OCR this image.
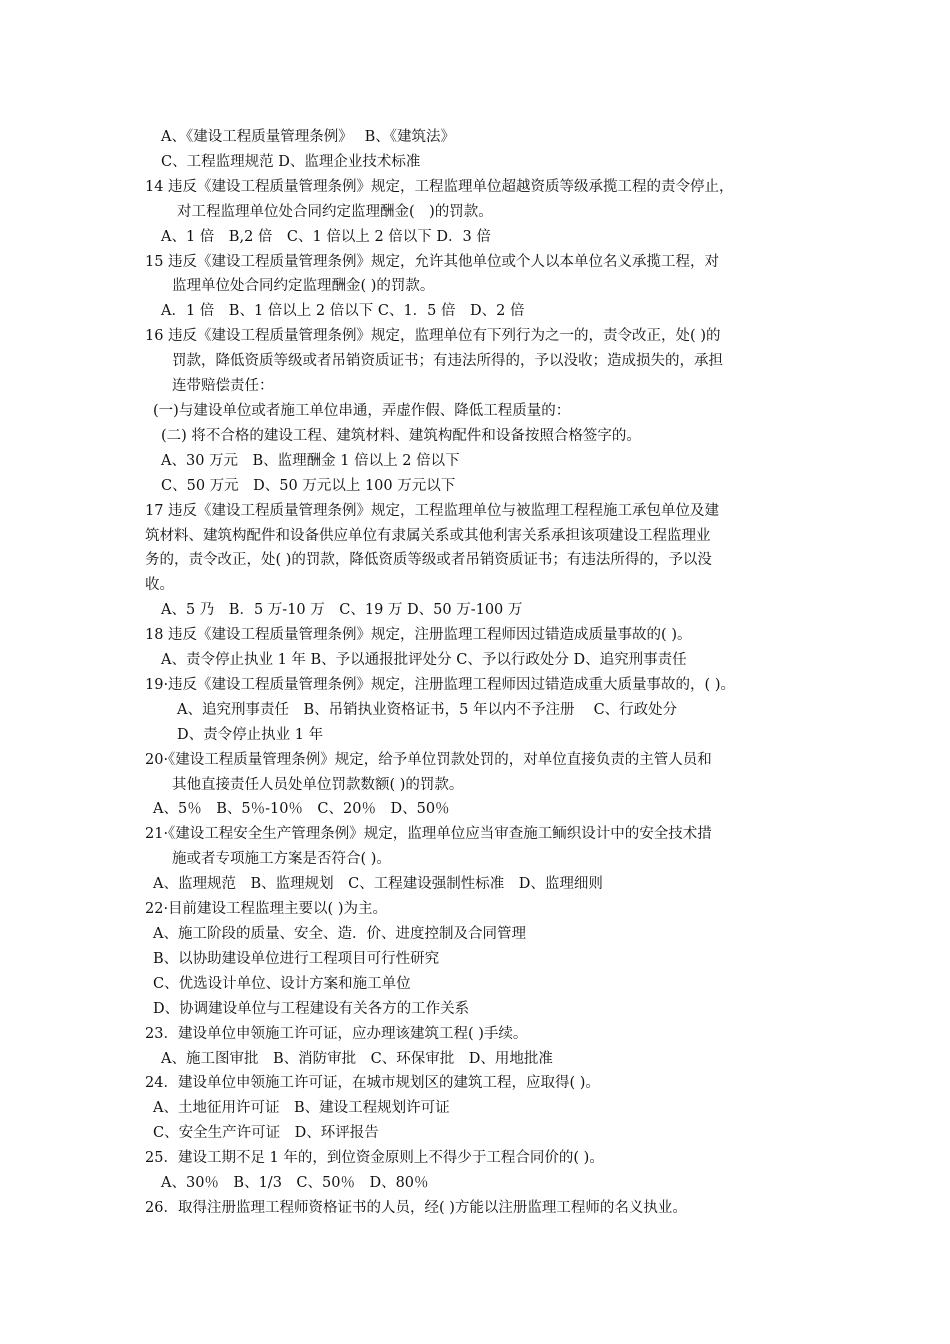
A、《建设工程质量管理条例》　 B、《建筑法》
C、工程监理规范 D、监理企业技术标准
14 违反《建设工程质量管理条例》规定，工程监理单位超越资质等级承揽工程的责令停止，
对工程监理单位处合同约定监理酬金(　)的罚款。
A、1 倍　B,2 倍　C、1 倍以上 2 倍以下 D．3 倍
15 违反《建设工程质量管理条例》规定，允许其他单位或个人以本单位名义承揽工程，对
监理单位处合同约定监理酬金( )的罚款。
A．1 倍　B、1 倍以上 2 倍以下 C、1．5 倍　D、2 倍
16 违反《建设工程质量管理条例》规定，监理单位有下列行为之一的，责令改正，处( )的
罚款，降低资质等级或者吊销资质证书；有违法所得的，予以没收；造成损失的，承担
连带赔偿责任：
(一)与建设单位或者施工单位串通，弄虚作假、降低工程质量的：
(二) 将不合格的建设工程、建筑材料、建筑构配件和设备按照合格签字的。
A、30 万元　B、监理酬金 1 倍以上 2 倍以下
C、50 万元　D、50 万元以上 100 万元以下
17 违反《建设工程质量管理条例》规定，工程监理单位与被监理工程程施工承包单位及建
筑材料、建筑构配件和设备供应单位有隶属关系或其他利害关系承担该项建设工程监理业
务的，责令改正，处( )的罚款，降低资质等级或者吊销资质证书；有违法所得的，予以没
收。
A、5 乃　B．5 万-10 万　C、19 万 D、50 万-100 万
18 违反《建设工程质量管理条例》规定，注册监理工程师因过错造成质量事故的( )。
A、责令停止执业 1 年 B、予以通报批评处分 C、予以行政处分 D、追究刑事责任
19·违反《建设工程质量管理条例》规定，注册监理工程师因过错造成重大质量事故的，( )。
A、追究刑事责任　B、吊销执业资格证书，5 年以内不予注册　 C、行政处分
D、责令停止执业 1 年
20·《建设工程质量管理条例》规定，给予单位罚款处罚的，对单位直接负责的主管人员和
其他直接责任人员处单位罚款数额( )的罚款。
A、5％　B、5％-10％　C、20％　D、50％
21·《建设工程安全生产管理条例》规定，监理单位应当审查施工鲕织设计中的安全技术措
施或者专项施工方案是否符合( )。
A、监理规范　B、监理规划　C、工程建设强制性标准　D、监理细则
22·目前建设工程监理主要以( )为主。
A、施工阶段的质量、安全、造．价、进度控制及合同管理
B、以协助建设单位进行工程项目可行性研究
C、优选设计单位、设计方案和施工单位
D、协调建设单位与工程建设有关各方的工作关系
23．建设单位申领施工许可证，应办理该建筑工程( )手续。
A、施工图审批　B、消防审批　C、环保审批　D、用地批准
24．建设单位申领施工许可证，在城市规划区的建筑工程，应取得( )。
A、土地征用许可证　B、建设工程规划许可证
C、安全生产许可证　D、环评报告
25．建设工期不足 1 年的，到位资金原则上不得少于工程合同价的( )。
A、30％　B、1/3　C、50％　D、80％
26．取得注册监理工程师资格证书的人员，经( )方能以注册监理工程师的名义执业。
